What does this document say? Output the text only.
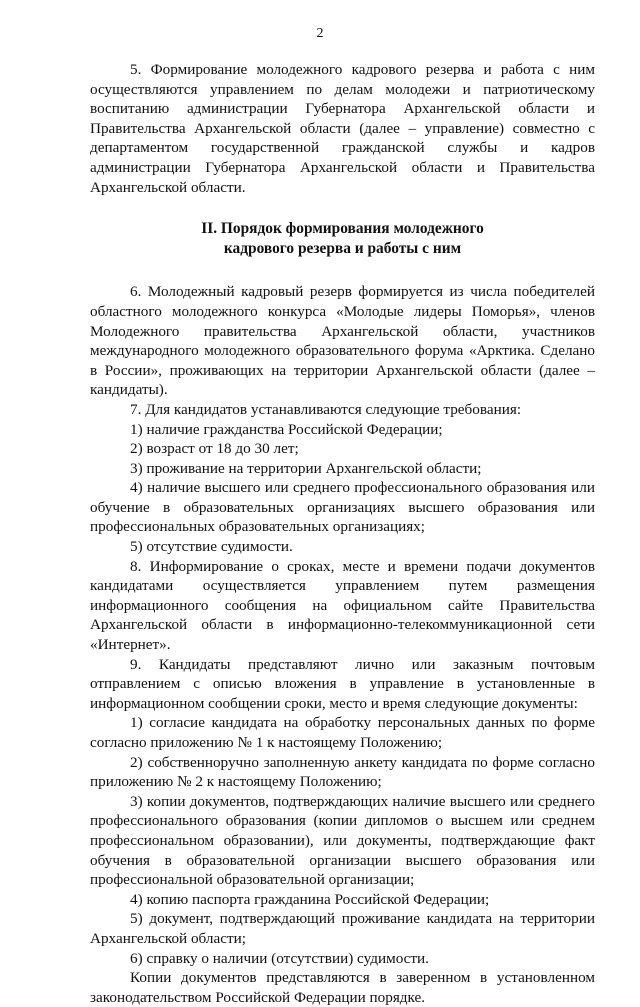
2

5. Формирование молодежного кадрового резерва и работа с ним осуществляются управлением по делам молодежи и патриотическому воспитанию администрации Губернатора Архангельской области и Правительства Архангельской области (далее – управление) совместно с департаментом государственной гражданской службы и кадров администрации Губернатора Архангельской области и Правительства Архангельской области.

II. Порядок формирования молодежного
кадрового резерва и работы с ним

6. Молодежный кадровый резерв формируется из числа победителей областного молодежного конкурса «Молодые лидеры Поморья», членов Молодежного правительства Архангельской области, участников международного молодежного образовательного форума «Арктика. Сделано в России», проживающих на территории Архангельской области (далее – кандидаты).

7. Для кандидатов устанавливаются следующие требования:

1) наличие гражданства Российской Федерации;

2) возраст от 18 до 30 лет;

3) проживание на территории Архангельской области;

4) наличие высшего или среднего профессионального образования или обучение в образовательных организациях высшего образования или профессиональных образовательных организациях;

5) отсутствие судимости.

8. Информирование о сроках, месте и времени подачи документов кандидатами осуществляется управлением путем размещения информационного сообщения на официальном сайте Правительства Архангельской области в информационно-телекоммуникационной сети «Интернет».

9. Кандидаты представляют лично или заказным почтовым отправлением с описью вложения в управление в установленные в информационном сообщении сроки, место и время следующие документы:

1) согласие кандидата на обработку персональных данных по форме согласно приложению № 1 к настоящему Положению;

2) собственноручно заполненную анкету кандидата по форме согласно приложению № 2 к настоящему Положению;

3) копии документов, подтверждающих наличие высшего или среднего профессионального образования (копии дипломов о высшем или среднем профессиональном образовании), или документы, подтверждающие факт обучения в образовательной организации высшего образования или профессиональной образовательной организации;

4) копию паспорта гражданина Российской Федерации;

5) документ, подтверждающий проживание кандидата на территории Архангельской области;

6) справку о наличии (отсутствии) судимости.

Копии документов представляются в заверенном в установленном законодательством Российской Федерации порядке.
